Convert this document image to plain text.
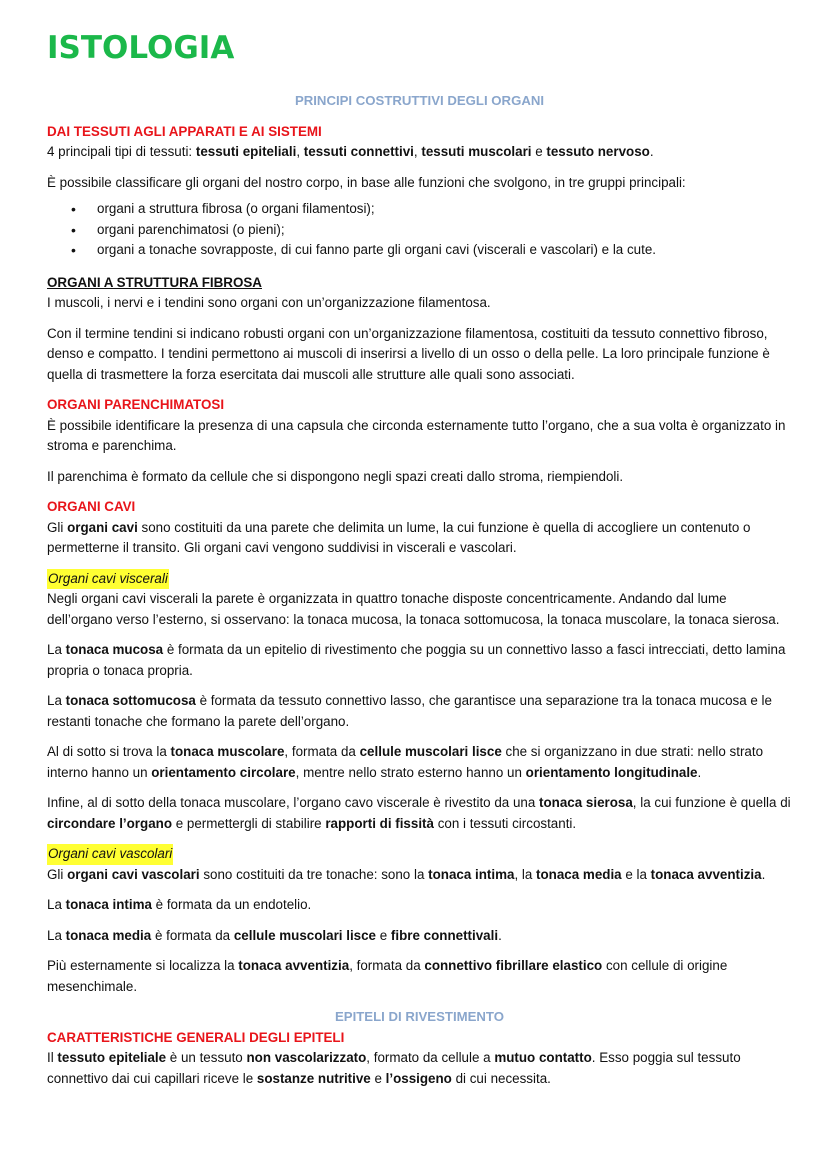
ISTOLOGIA

PRINCIPI COSTRUTTIVI DEGLI ORGANI

DAI TESSUTI AGLI APPARATI E AI SISTEMI

4 principali tipi di tessuti: tessuti epiteliali, tessuti connettivi, tessuti muscolari e tessuto nervoso.

È possibile classificare gli organi del nostro corpo, in base alle funzioni che svolgono, in tre gruppi principali:

• organi a struttura fibrosa (o organi filamentosi);
• organi parenchimatosi (o pieni);
• organi a tonache sovrapposte, di cui fanno parte gli organi cavi (viscerali e vascolari) e la cute.

ORGANI A STRUTTURA FIBROSA

I muscoli, i nervi e i tendini sono organi con un’organizzazione filamentosa.

Con il termine tendini si indicano robusti organi con un’organizzazione filamentosa, costituiti da tessuto connettivo fibroso, denso e compatto. I tendini permettono ai muscoli di inserirsi a livello di un osso o della pelle. La loro principale funzione è quella di trasmettere la forza esercitata dai muscoli alle strutture alle quali sono associati.

ORGANI PARENCHIMATOSI

È possibile identificare la presenza di una capsula che circonda esternamente tutto l’organo, che a sua volta è organizzato in stroma e parenchima.

Il parenchima è formato da cellule che si dispongono negli spazi creati dallo stroma, riempiendoli.

ORGANI CAVI

Gli organi cavi sono costituiti da una parete che delimita un lume, la cui funzione è quella di accogliere un contenuto o permetterne il transito. Gli organi cavi vengono suddivisi in viscerali e vascolari.

Organi cavi viscerali

Negli organi cavi viscerali la parete è organizzata in quattro tonache disposte concentricamente. Andando dal lume dell’organo verso l’esterno, si osservano: la tonaca mucosa, la tonaca sottomucosa, la tonaca muscolare, la tonaca sierosa.

La tonaca mucosa è formata da un epitelio di rivestimento che poggia su un connettivo lasso a fasci intrecciati, detto lamina propria o tonaca propria.

La tonaca sottomucosa è formata da tessuto connettivo lasso, che garantisce una separazione tra la tonaca mucosa e le restanti tonache che formano la parete dell’organo.

Al di sotto si trova la tonaca muscolare, formata da cellule muscolari lisce che si organizzano in due strati: nello strato interno hanno un orientamento circolare, mentre nello strato esterno hanno un orientamento longitudinale.

Infine, al di sotto della tonaca muscolare, l’organo cavo viscerale è rivestito da una tonaca sierosa, la cui funzione è quella di circondare l’organo e permettergli di stabilire rapporti di fissità con i tessuti circostanti.

Organi cavi vascolari

Gli organi cavi vascolari sono costituiti da tre tonache: sono la tonaca intima, la tonaca media e la tonaca avventizia.

La tonaca intima è formata da un endotelio.

La tonaca media è formata da cellule muscolari lisce e fibre connettivali.

Più esternamente si localizza la tonaca avventizia, formata da connettivo fibrillare elastico con cellule di origine mesenchimale.

EPITELI DI RIVESTIMENTO

CARATTERISTICHE GENERALI DEGLI EPITELI

Il tessuto epiteliale è un tessuto non vascolarizzato, formato da cellule a mutuo contatto. Esso poggia sul tessuto connettivo dai cui capillari riceve le sostanze nutritive e l’ossigeno di cui necessita.
